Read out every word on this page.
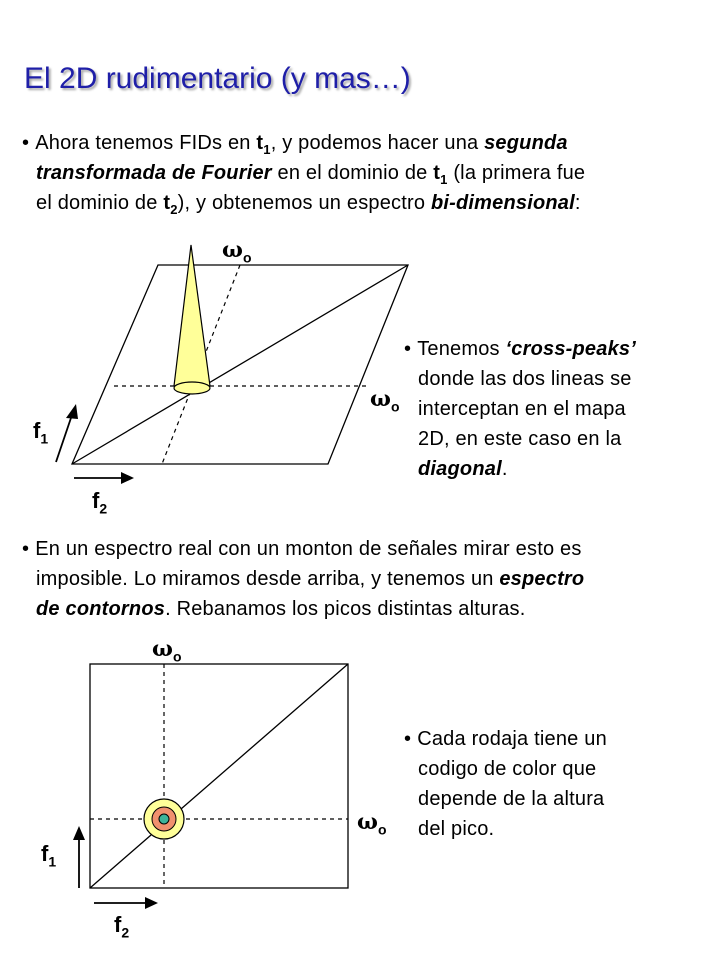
El 2D rudimentario (y mas…)
• Ahora tenemos FIDs en $t_1$, y podemos hacer una segunda
transformada de Fourier en el dominio de $t_1$ (la primera fue
el dominio de $t_2$), y obtenemos un espectro bi-dimensional:
$\omega_o$
$\omega_o$
$f_1$
$f_2$
• Tenemos ‘cross-peaks’
donde las dos lineas se
interceptan en el mapa
2D, en este caso en la
diagonal.
• En un espectro real con un monton de señales mirar esto es
imposible. Lo miramos desde arriba, y tenemos un espectro
de contornos. Rebanamos los picos distintas alturas.
$\omega_o$
$\omega_o$
$f_1$
$f_2$
• Cada rodaja tiene un
codigo de color que
depende de la altura
del pico.
